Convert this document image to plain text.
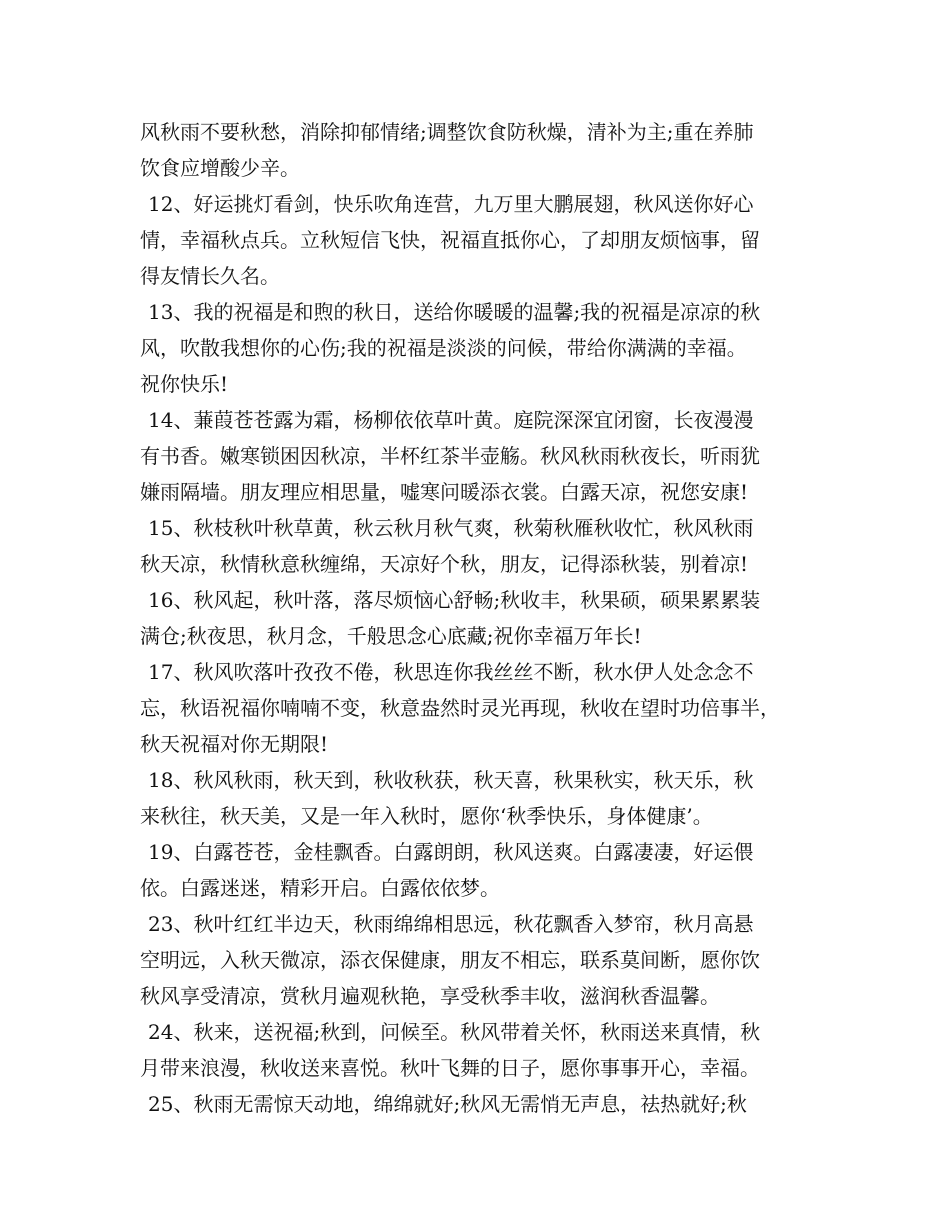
风秋雨不要秋愁，消除抑郁情绪;调整饮食防秋燥，清补为主;重在养肺
饮食应增酸少辛。
12、好运挑灯看剑，快乐吹角连营，九万里大鹏展翅，秋风送你好心
情，幸福秋点兵。立秋短信飞快，祝福直抵你心，了却朋友烦恼事，留
得友情长久名。
13、我的祝福是和煦的秋日，送给你暖暖的温馨;我的祝福是凉凉的秋
风，吹散我想你的心伤;我的祝福是淡淡的问候，带给你满满的幸福。
祝你快乐!
14、蒹葭苍苍露为霜，杨柳依依草叶黄。庭院深深宜闭窗，长夜漫漫
有书香。嫩寒锁困因秋凉，半杯红茶半壶觞。秋风秋雨秋夜长，听雨犹
嫌雨隔墙。朋友理应相思量，嘘寒问暖添衣裳。白露天凉，祝您安康!
15、秋枝秋叶秋草黄，秋云秋月秋气爽，秋菊秋雁秋收忙，秋风秋雨
秋天凉，秋情秋意秋缠绵，天凉好个秋，朋友，记得添秋装，别着凉!
16、秋风起，秋叶落，落尽烦恼心舒畅;秋收丰，秋果硕，硕果累累装
满仓;秋夜思，秋月念，千般思念心底藏;祝你幸福万年长!
17、秋风吹落叶孜孜不倦，秋思连你我丝丝不断，秋水伊人处念念不
忘，秋语祝福你喃喃不变，秋意盎然时灵光再现，秋收在望时功倍事半，
秋天祝福对你无期限!
18、秋风秋雨，秋天到，秋收秋获，秋天喜，秋果秋实，秋天乐，秋
来秋往，秋天美，又是一年入秋时，愿你‘秋季快乐，身体健康’。
19、白露苍苍，金桂飘香。白露朗朗，秋风送爽。白露凄凄，好运偎
依。白露迷迷，精彩开启。白露依依梦。
23、秋叶红红半边天，秋雨绵绵相思远，秋花飘香入梦帘，秋月高悬
空明远，入秋天微凉，添衣保健康，朋友不相忘，联系莫间断，愿你饮
秋风享受清凉，赏秋月遍观秋艳，享受秋季丰收，滋润秋香温馨。
24、秋来，送祝福;秋到，问候至。秋风带着关怀，秋雨送来真情，秋
月带来浪漫，秋收送来喜悦。秋叶飞舞的日子，愿你事事开心，幸福。
25、秋雨无需惊天动地，绵绵就好;秋风无需悄无声息，祛热就好;秋
